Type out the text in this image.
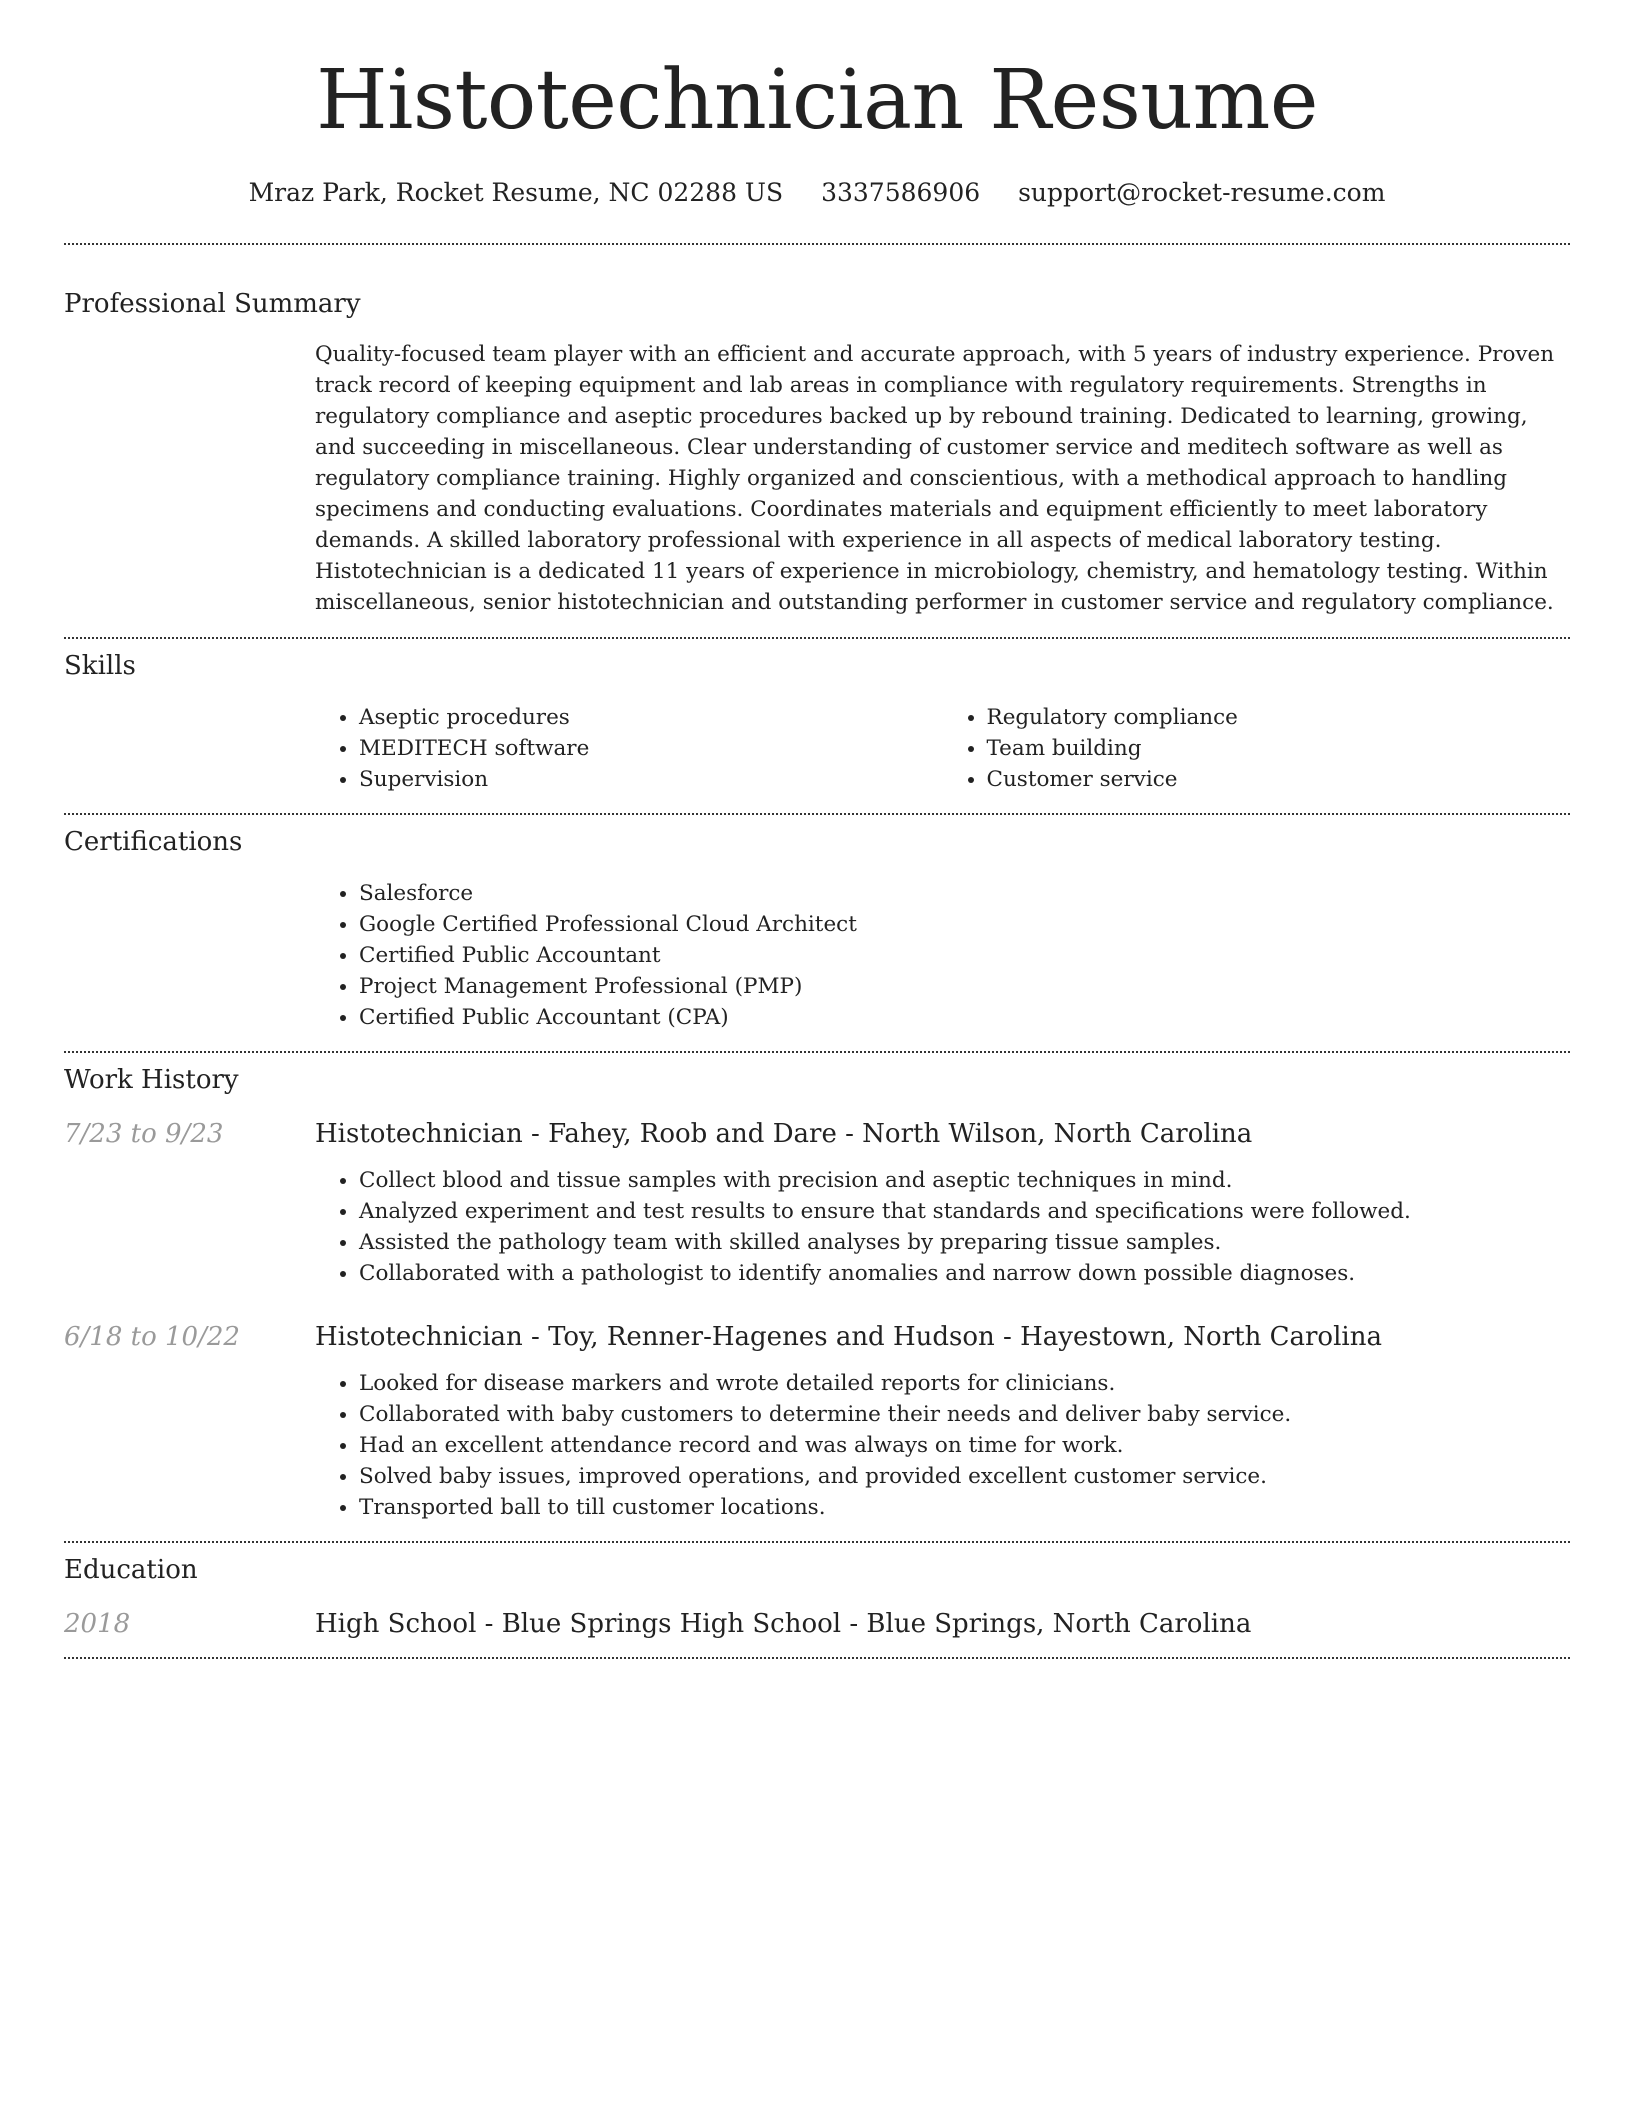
Histotechnician Resume
Mraz Park, Rocket Resume, NC 02288 US 3337586906 support@rocket-resume.com
Professional Summary
Quality-focused team player with an efficient and accurate approach, with 5 years of industry experience. Proven track record of keeping equipment and lab areas in compliance with regulatory requirements. Strengths in regulatory compliance and aseptic procedures backed up by rebound training. Dedicated to learning, growing, and succeeding in miscellaneous. Clear understanding of customer service and meditech software as well as regulatory compliance training. Highly organized and conscientious, with a methodical approach to handling specimens and conducting evaluations. Coordinates materials and equipment efficiently to meet laboratory demands. A skilled laboratory professional with experience in all aspects of medical laboratory testing. Histotechnician is a dedicated 11 years of experience in microbiology, chemistry, and hematology testing. Within miscellaneous, senior histotechnician and outstanding performer in customer service and regulatory compliance.
Skills
• Aseptic procedures
• MEDITECH software
• Supervision
• Regulatory compliance
• Team building
• Customer service
Certifications
• Salesforce
• Google Certified Professional Cloud Architect
• Certified Public Accountant
• Project Management Professional (PMP)
• Certified Public Accountant (CPA)
Work History
7/23 to 9/23	Histotechnician - Fahey, Roob and Dare - North Wilson, North Carolina
• Collect blood and tissue samples with precision and aseptic techniques in mind.
• Analyzed experiment and test results to ensure that standards and specifications were followed.
• Assisted the pathology team with skilled analyses by preparing tissue samples.
• Collaborated with a pathologist to identify anomalies and narrow down possible diagnoses.
6/18 to 10/22	Histotechnician - Toy, Renner-Hagenes and Hudson - Hayestown, North Carolina
• Looked for disease markers and wrote detailed reports for clinicians.
• Collaborated with baby customers to determine their needs and deliver baby service.
• Had an excellent attendance record and was always on time for work.
• Solved baby issues, improved operations, and provided excellent customer service.
• Transported ball to till customer locations.
Education
2018	High School - Blue Springs High School - Blue Springs, North Carolina
